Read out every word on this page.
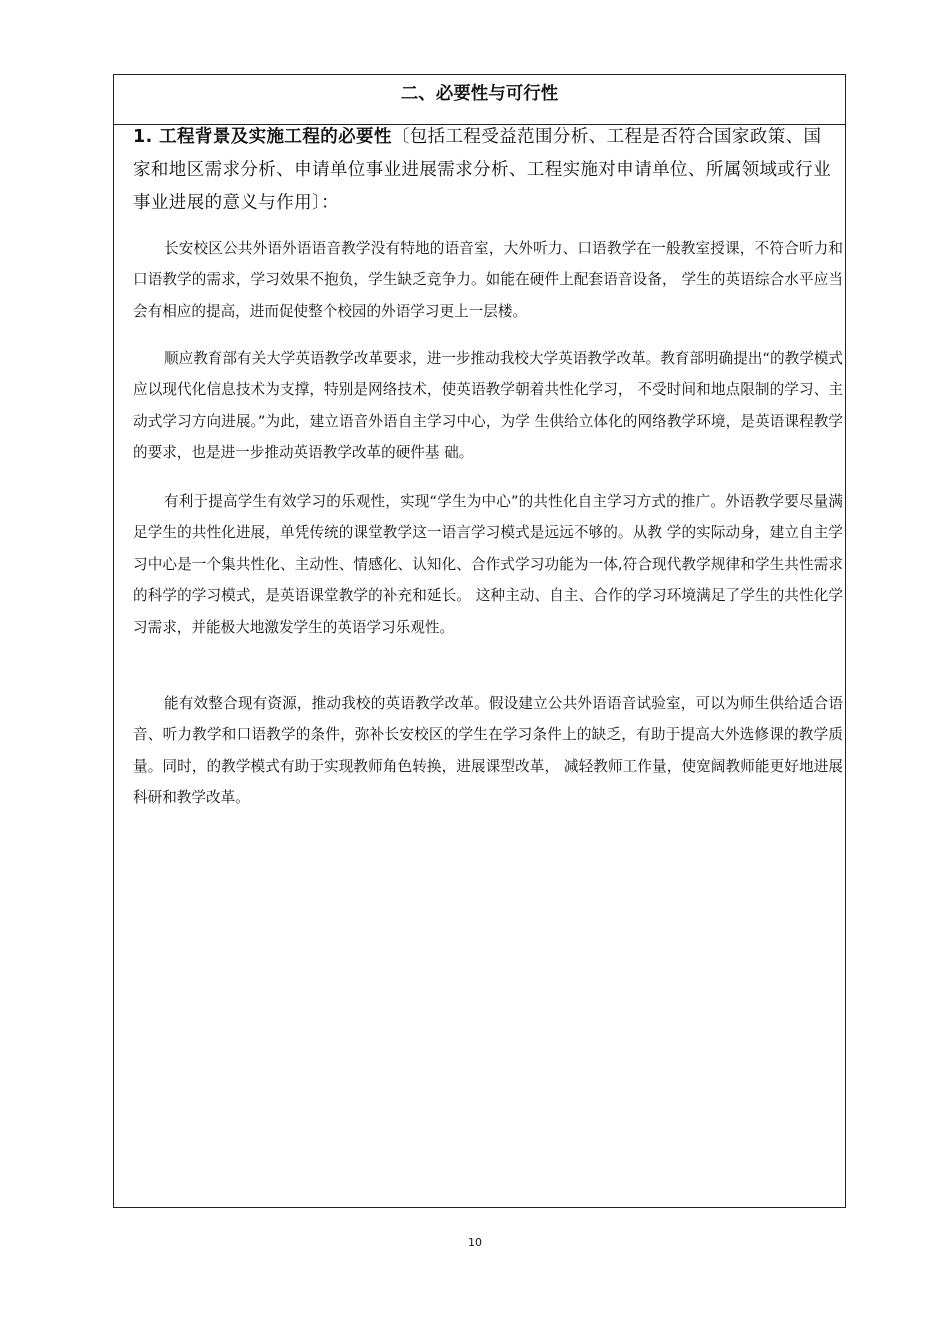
二、必要性与可行性
1. 工程背景及实施工程的必要性〔包括工程受益范围分析、工程是否符合国家政策、国家和地区需求分析、申请单位事业进展需求分析、工程实施对申请单位、所属领域或行业事业进展的意义与作用〕：

长安校区公共外语外语语音教学没有特地的语音室，大外听力、口语教学在一般教室授课，不符合听力和口语教学的需求，学习效果不抱负，学生缺乏竞争力。如能在硬件上配套语音设备， 学生的英语综合水平应当会有相应的提高，进而促使整个校园的外语学习更上一层楼。

顺应教育部有关大学英语教学改革要求，进一步推动我校大学英语教学改革。教育部明确提出“的教学模式应以现代化信息技术为支撑，特别是网络技术，使英语教学朝着共性化学习， 不受时间和地点限制的学习、主动式学习方向进展。”为此，建立语音外语自主学习中心，为学 生供给立体化的网络教学环境，是英语课程教学的要求，也是进一步推动英语教学改革的硬件基 础。

有利于提高学生有效学习的乐观性，实现“学生为中心”的共性化自主学习方式的推广。外语教学要尽量满足学生的共性化进展，单凭传统的课堂教学这一语言学习模式是远远不够的。从教 学的实际动身，建立自主学习中心是一个集共性化、主动性、情感化、认知化、合作式学习功能为一体,符合现代教学规律和学生共性需求的科学的学习模式，是英语课堂教学的补充和延长。 这种主动、自主、合作的学习环境满足了学生的共性化学习需求，并能极大地激发学生的英语学习乐观性。

能有效整合现有资源，推动我校的英语教学改革。假设建立公共外语语音试验室，可以为师生供给适合语音、听力教学和口语教学的条件，弥补长安校区的学生在学习条件上的缺乏，有助于提高大外选修课的教学质量。同时，的教学模式有助于实现教师角色转换，进展课型改革， 减轻教师工作量，使宽阔教师能更好地进展科研和教学改革。

10
